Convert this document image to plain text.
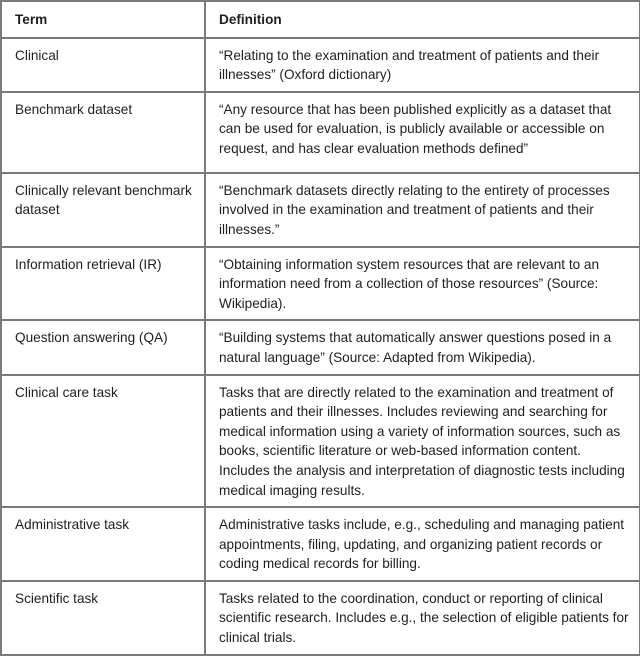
Term	Definition
Clinical	“Relating to the examination and treatment of patients and their illnesses” (Oxford dictionary)
Benchmark dataset	“Any resource that has been published explicitly as a dataset that can be used for evaluation, is publicly available or accessible on request, and has clear evaluation methods defined”
Clinically relevant benchmark dataset	“Benchmark datasets directly relating to the entirety of processes involved in the examination and treatment of patients and their illnesses.”
Information retrieval (IR)	“Obtaining information system resources that are relevant to an information need from a collection of those resources” (Source: Wikipedia).
Question answering (QA)	“Building systems that automatically answer questions posed in a natural language” (Source: Adapted from Wikipedia).
Clinical care task	Tasks that are directly related to the examination and treatment of patients and their illnesses. Includes reviewing and searching for medical information using a variety of information sources, such as books, scientific literature or web-based information content. Includes the analysis and interpretation of diagnostic tests including medical imaging results.
Administrative task	Administrative tasks include, e.g., scheduling and managing patient appointments, filing, updating, and organizing patient records or coding medical records for billing.
Scientific task	Tasks related to the coordination, conduct or reporting of clinical scientific research. Includes e.g., the selection of eligible patients for clinical trials.
